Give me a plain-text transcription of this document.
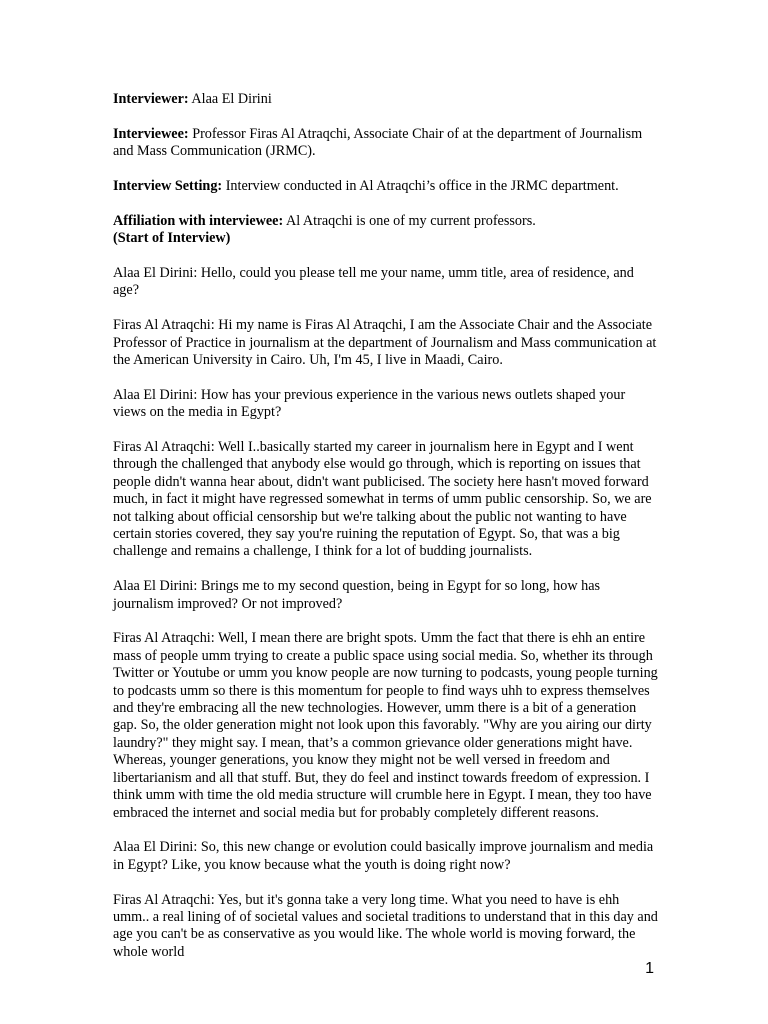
Interviewer: Alaa El Dirini

Interviewee: Professor Firas Al Atraqchi, Associate Chair of at the department of Journalism and Mass Communication (JRMC).

Interview Setting: Interview conducted in Al Atraqchi’s office in the JRMC department.

Affiliation with interviewee: Al Atraqchi is one of my current professors.

(Start of Interview)

Alaa El Dirini: Hello, could you please tell me your name, umm title, area of residence, and age?

Firas Al Atraqchi: Hi my name is Firas Al Atraqchi, I am the Associate Chair and the Associate Professor of Practice in journalism at the department of Journalism and Mass communication at the American University in Cairo. Uh, I'm 45, I live in Maadi, Cairo.

Alaa El Dirini: How has your previous experience in the various news outlets shaped your views on the media in Egypt?

Firas Al Atraqchi: Well I..basically started my career in journalism here in Egypt and I went through the challenged that anybody else would go through, which is reporting on issues that people didn't wanna hear about, didn't want publicised. The society here hasn't moved forward much, in fact it might have regressed somewhat in terms of umm public censorship. So, we are not talking about official censorship but we're talking about the public not wanting to have certain stories covered, they say you're ruining the reputation of Egypt. So, that was a big challenge and remains a challenge, I think for a lot of budding journalists.

Alaa El Dirini: Brings me to my second question, being in Egypt for so long, how has journalism improved? Or not improved?

Firas Al Atraqchi: Well, I mean there are bright spots. Umm the fact that there is ehh an entire mass of people umm trying to create a public space using social media. So, whether its through Twitter or Youtube or umm you know people are now turning to podcasts, young people turning to podcasts umm so there is this momentum for people to find ways uhh to express themselves and they're embracing all the new technologies. However, umm there is a bit of a generation gap. So, the older generation might not look upon this favorably. "Why are you airing our dirty laundry?" they might say. I mean, that’s a common grievance older generations might have. Whereas, younger generations, you know they might not be well versed in freedom and libertarianism and all that stuff. But, they do feel and instinct towards freedom of expression. I think umm with time the old media structure will crumble here in Egypt. I mean, they too have embraced the internet and social media but for probably completely different reasons.

Alaa El Dirini: So, this new change or evolution could basically improve journalism and media in Egypt? Like, you know because what the youth is doing right now?

Firas Al Atraqchi: Yes, but it's gonna take a very long time. What you need to have is ehh umm.. a real lining of of societal values and societal traditions to understand that in this day and age you can't be as conservative as you would like. The whole world is moving forward, the whole world

1
